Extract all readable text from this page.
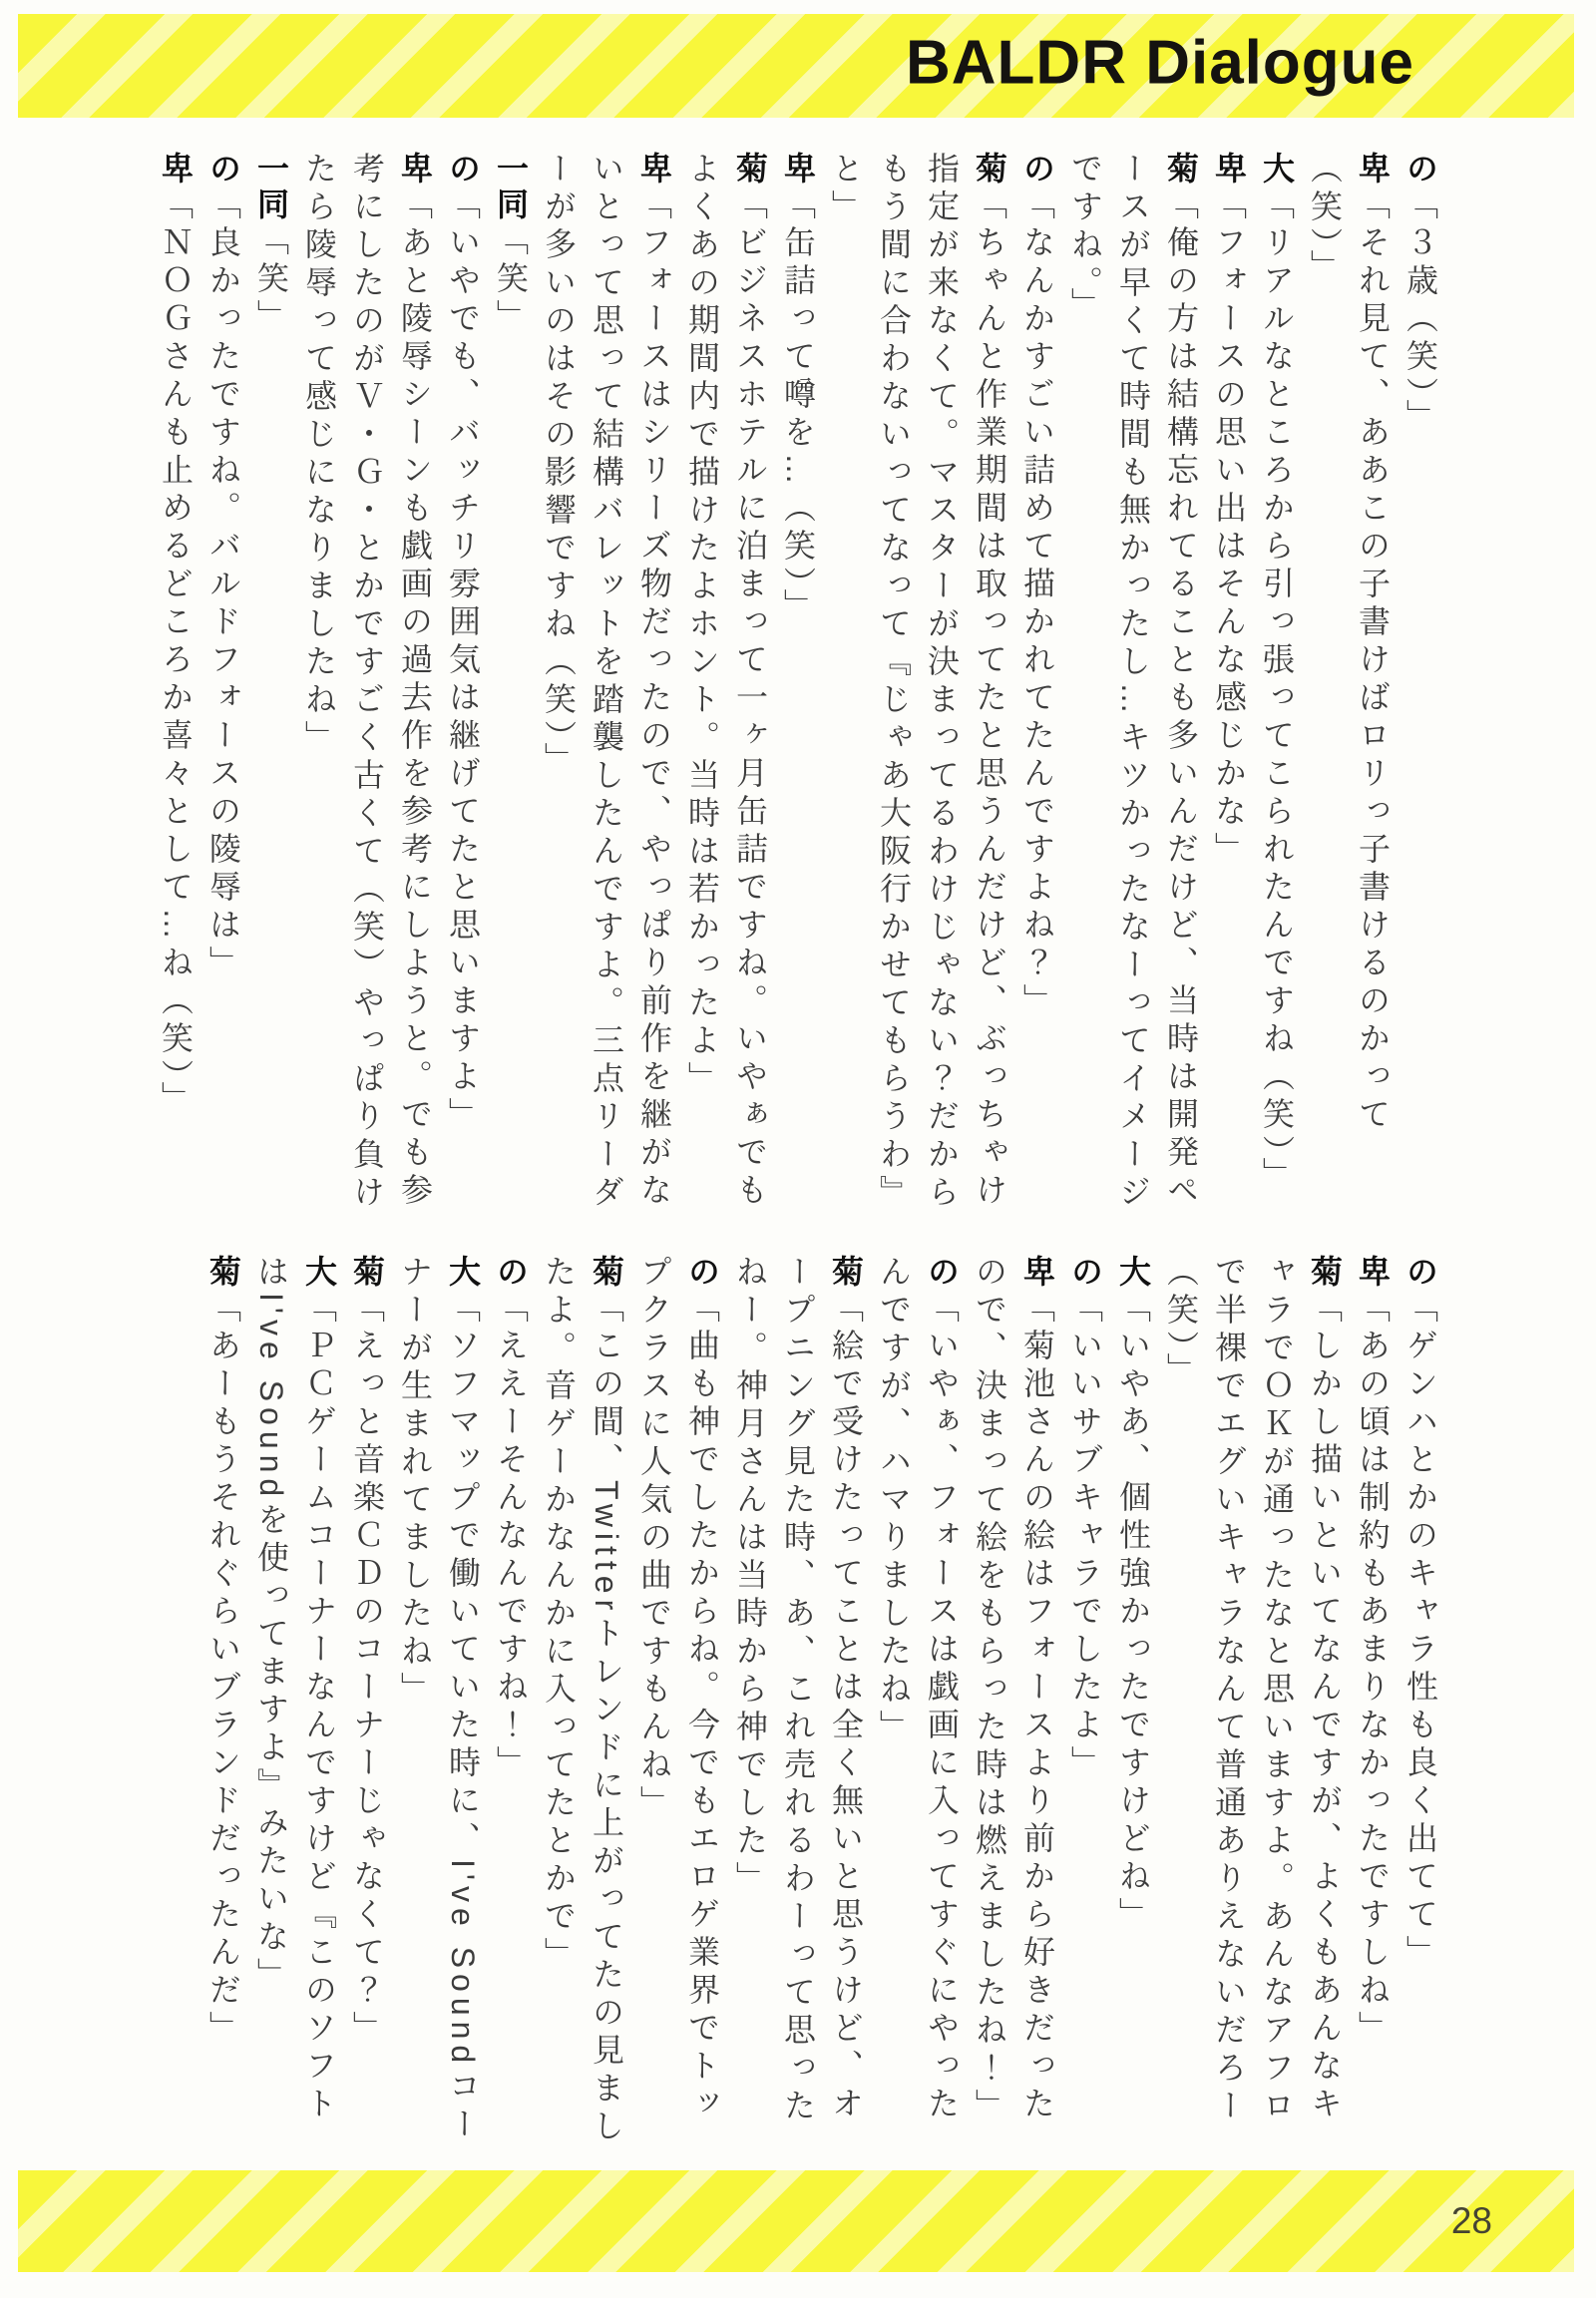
BALDR Dialogue
の「３歳（笑）」
卑「それ見て、ああこの子書けばロリっ子書けるのかって（笑）」
大「リアルなところから引っ張ってこられたんですね（笑）」
卑「フォースの思い出はそんな感じかな」
菊「俺の方は結構忘れてることも多いんだけど、当時は開発ペースが早くて時間も無かったし…キツかったなーってイメージですね。」
の「なんかすごい詰めて描かれてたんですよね？」
菊「ちゃんと作業期間は取ってたと思うんだけど、ぶっちゃけ指定が来なくて。マスターが決まってるわけじゃない？だからもう間に合わないってなって『じゃあ大阪行かせてもらうわ』と」
卑「缶詰って噂を…（笑）」
菊「ビジネスホテルに泊まって一ヶ月缶詰ですね。いやぁでもよくあの期間内で描けたよホント。当時は若かったよ」
卑「フォースはシリーズ物だったので、やっぱり前作を継がないとって思って結構バレットを踏襲したんですよ。三点リーダーが多いのはその影響ですね（笑）」
一同「笑」
の「いやでも、バッチリ雰囲気は継げてたと思いますよ」
卑「あと陵辱シーンも戯画の過去作を参考にしようと。でも参考にしたのがＶ・Ｇ・とかですごく古くて（笑）やっぱり負けたら陵辱って感じになりましたね」
一同「笑」
の「良かったですね。バルドフォースの陵辱は」
卑「ＮＯＧさんも止めるどころか喜々として…ね（笑）」
の「ゲンハとかのキャラ性も良く出てて」
卑「あの頃は制約もあまりなかったですしね」
菊「しかし描いといてなんですが、よくもあんなキャラでＯＫが通ったなと思いますよ。あんなアフロで半裸でエグいキャラなんて普通ありえないだろー（笑）」
大「いやあ、個性強かったですけどね」
の「いいサブキャラでしたよ」
卑「菊池さんの絵はフォースより前から好きだったので、決まって絵をもらった時は燃えましたね！」
の「いやぁ、フォースは戯画に入ってすぐにやったんですが、ハマりましたね」
菊「絵で受けたってことは全く無いと思うけど、オープニング見た時、あ、これ売れるわーって思ったねー。神月さんは当時から神でした」
の「曲も神でしたからね。今でもエロゲ業界でトップクラスに人気の曲ですもんね」
菊「この間、Twitterトレンドに上がってたの見ましたよ。音ゲーかなんかに入ってたとかで」
の「ええーそんなんですね！」
大「ソフマップで働いていた時に、I've Soundコーナーが生まれてましたね」
菊「えっと音楽ＣＤのコーナーじゃなくて？」
大「ＰＣゲームコーナーなんですけど『このソフトはI've Soundを使ってますよ』みたいな」
菊「あーもうそれぐらいブランドだったんだ」
28
